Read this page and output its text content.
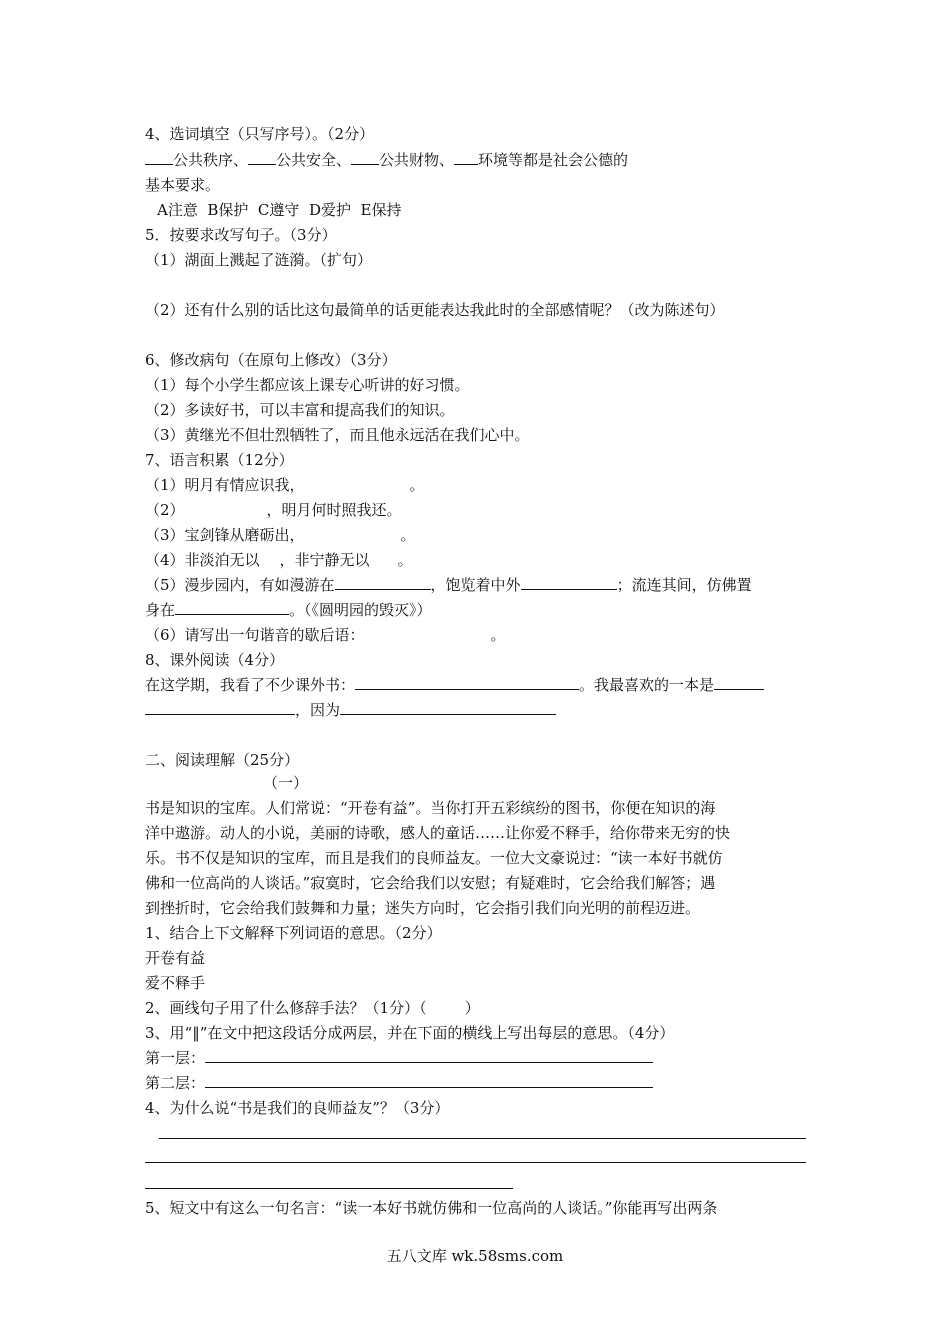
4、选词填空（只写序号）。（2分）
公共秩序、 公共安全、 公共财物、 环境等都是社会公德的
基本要求。
A注意  B保护  C遵守  D爱护  E保持
5．按要求改写句子。（3分）
（1）湖面上溅起了涟漪。（扩句）
（2）还有什么别的话比这句最简单的话更能表达我此时的全部感情呢？（改为陈述句）
6、修改病句（在原句上修改）（3分）
（1）每个小学生都应该上课专心听讲的好习惯。
（2）多读好书，可以丰富和提高我们的知识。
（3）黄继光不但壮烈牺牲了，而且他永远活在我们心中。
7、语言积累（12分）
（1）明月有情应识我，	。
（2）	，明月何时照我还。
（3）宝剑锋从磨砺出，	。
（4）非淡泊无以 ，非宁静无以 。
（5）漫步园内，有如漫游在	，饱览着中外	；流连其间，仿佛置
身在	。（《圆明园的毁灭》）
（6）请写出一句谐音的歇后语：	。
8、课外阅读（4分）
在这学期，我看了不少课外书：	。我最喜欢的一本是
，因为
二、阅读理解（25分）
（一）
书是知识的宝库。人们常说：“开卷有益”。当你打开五彩缤纷的图书，你便在知识的海
洋中遨游。动人的小说，美丽的诗歌，感人的童话……让你爱不释手，给你带来无穷的快
乐。书不仅是知识的宝库，而且是我们的良师益友。一位大文豪说过：“读一本好书就仿
佛和一位高尚的人谈话。”寂寞时，它会给我们以安慰；有疑难时，它会给我们解答；遇
到挫折时，它会给我们鼓舞和力量；迷失方向时，它会指引我们向光明的前程迈进。
1、结合上下文解释下列词语的意思。（2分）
开卷有益
爱不释手
2、画线句子用了什么修辞手法？（1分）（        ）
3、用“‖”在文中把这段话分成两层，并在下面的横线上写出每层的意思。（4分）
第一层：
第二层：
4、为什么说“书是我们的良师益友”？（3分）
5、短文中有这么一句名言：“读一本好书就仿佛和一位高尚的人谈话。”你能再写出两条
五八文库 wk.58sms.com
